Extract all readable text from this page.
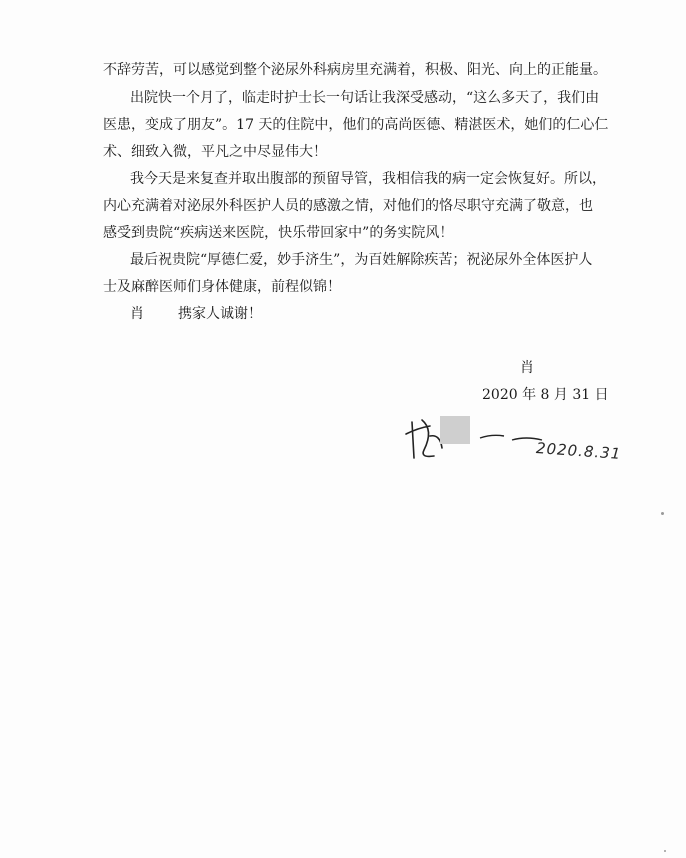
不辞劳苦，可以感觉到整个泌尿外科病房里充满着，积极、阳光、向上的正能量。
出院快一个月了，临走时护士长一句话让我深受感动，“这么多天了，我们由
医患，变成了朋友”。17 天的住院中，他们的高尚医德、精湛医术，她们的仁心仁
术、细致入微，平凡之中尽显伟大！
我今天是来复查并取出腹部的预留导管，我相信我的病一定会恢复好。所以，
内心充满着对泌尿外科医护人员的感激之情，对他们的恪尽职守充满了敬意，也
感受到贵院“疾病送来医院，快乐带回家中”的务实院风！
最后祝贵院“厚德仁爱，妙手济生”，为百姓解除疾苦；祝泌尿外全体医护人
士及麻醉医师们身体健康，前程似锦！
肖 携家人诚谢！
肖
2020 年 8 月 31 日
2020.8.31
